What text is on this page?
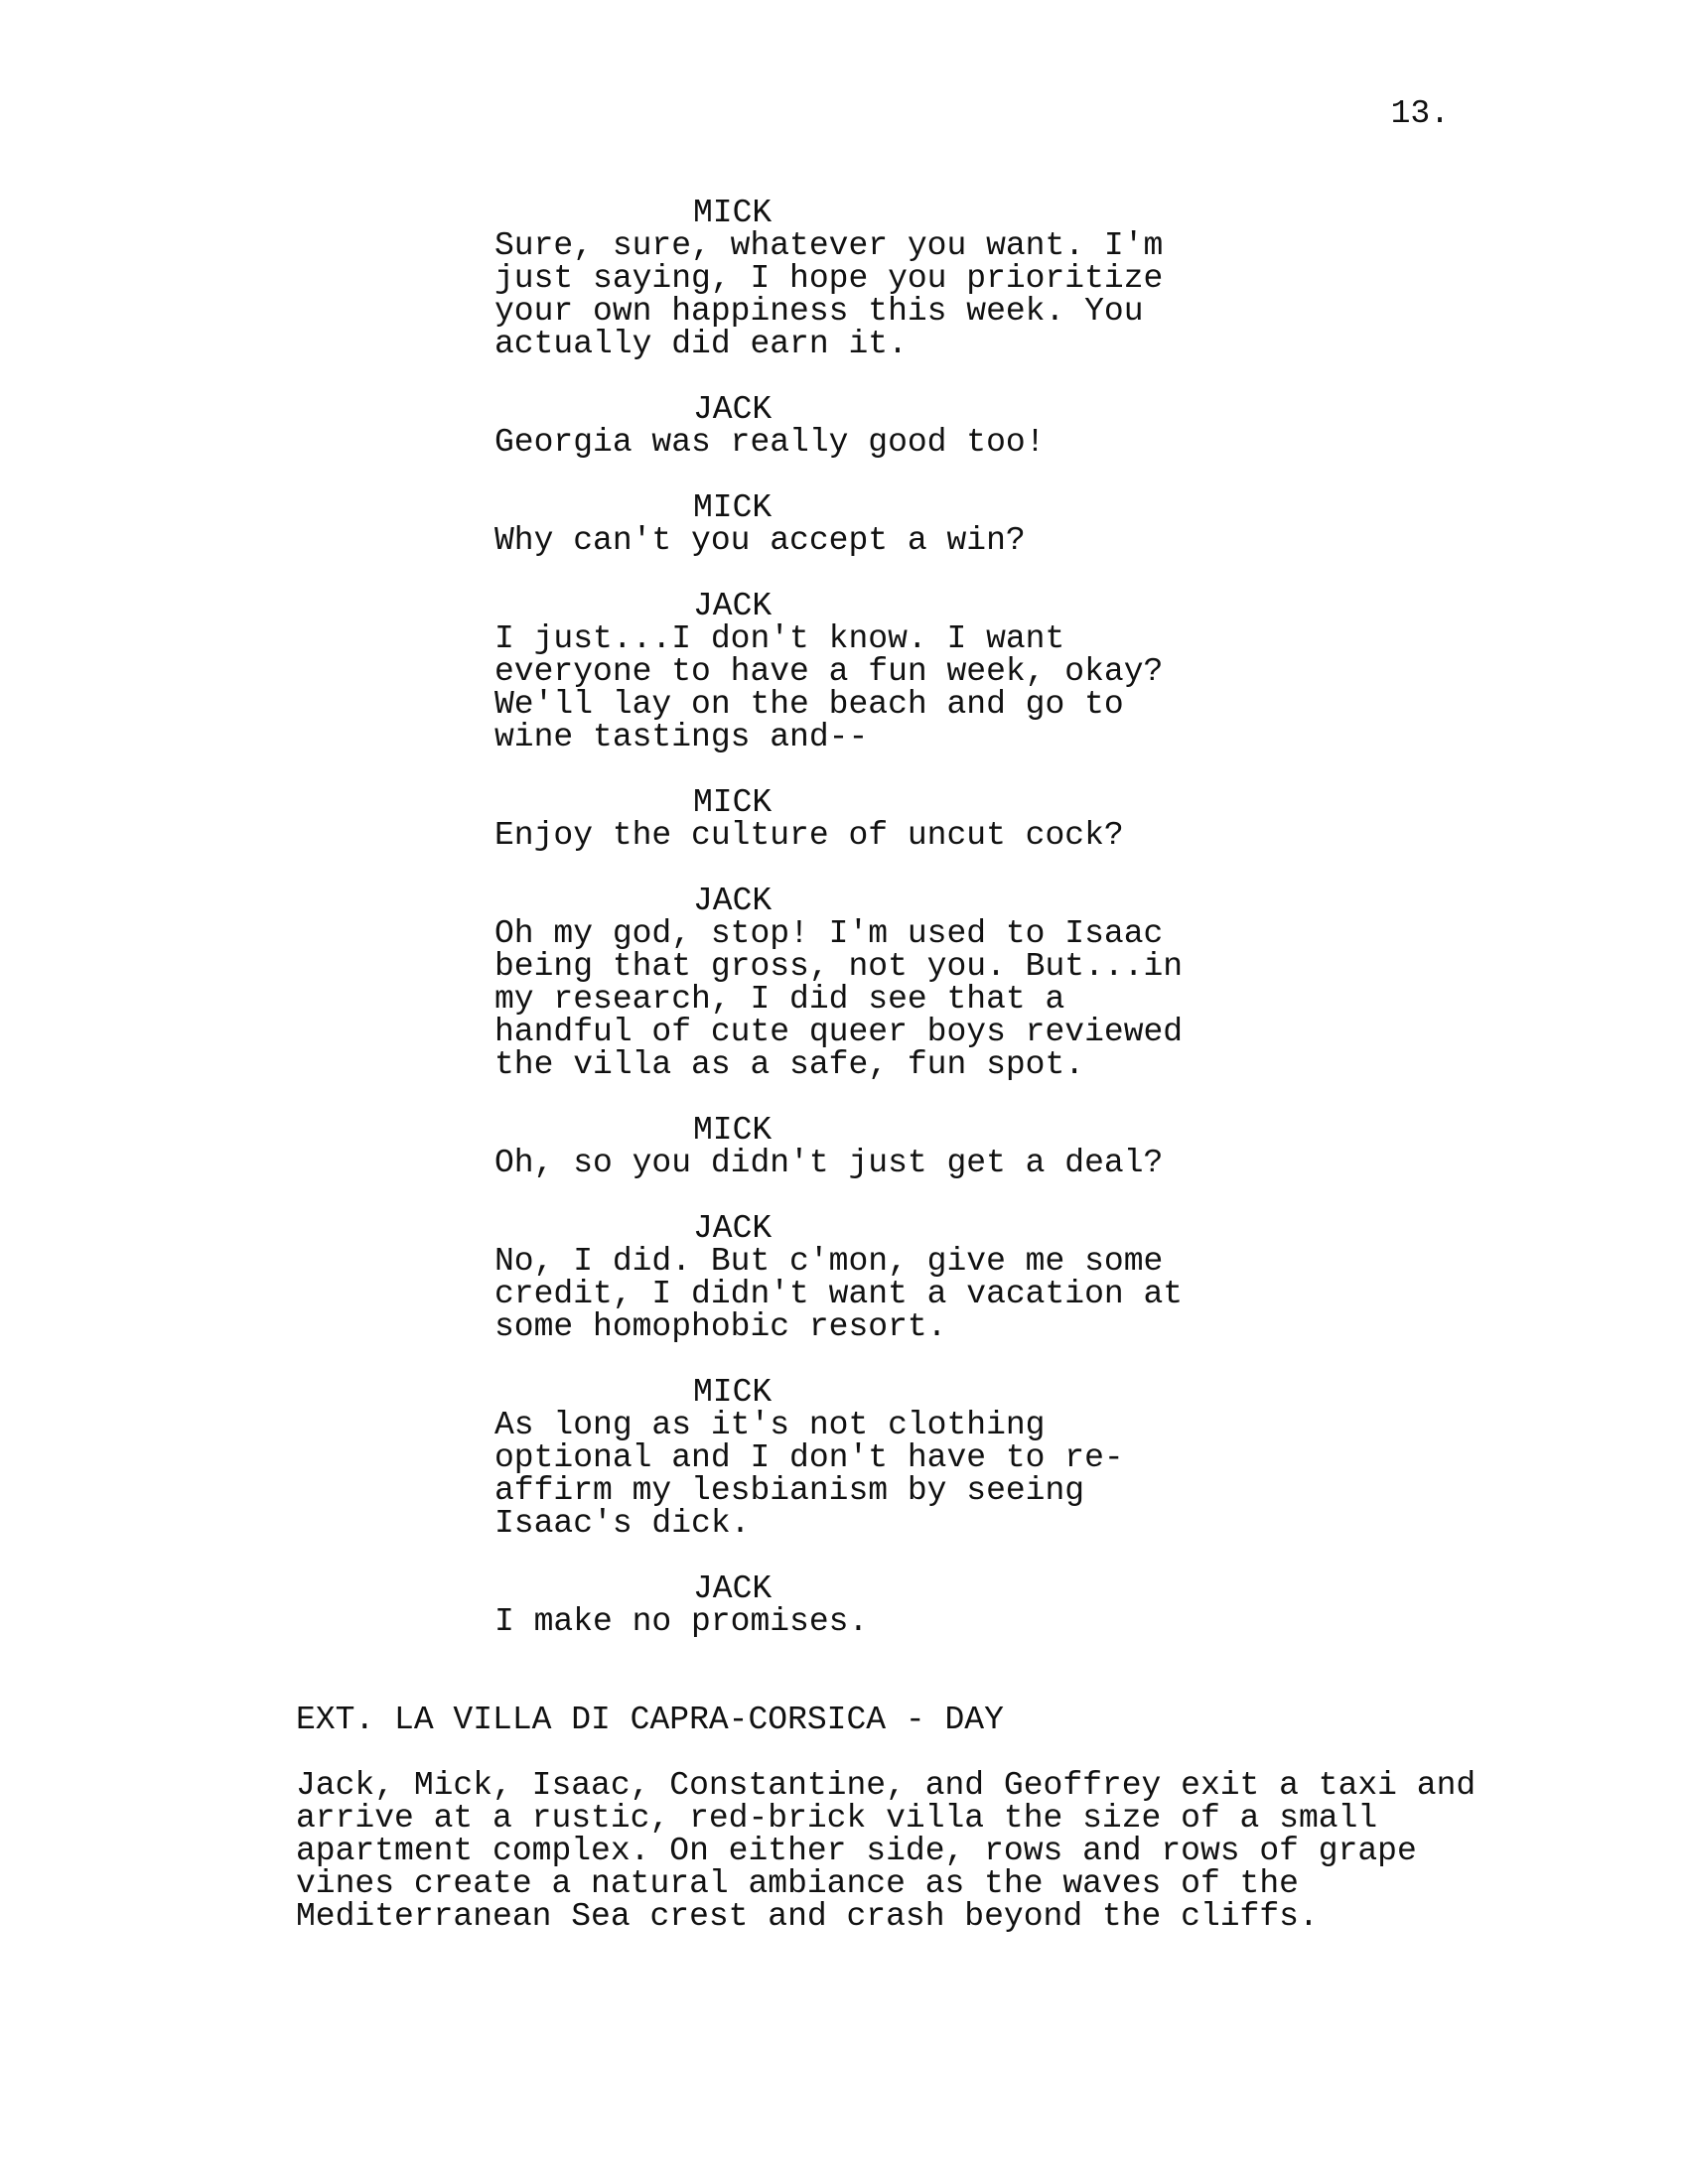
13.
MICK
Sure, sure, whatever you want. I'm
just saying, I hope you prioritize
your own happiness this week. You
actually did earn it.
JACK
Georgia was really good too!
MICK
Why can't you accept a win?
JACK
I just...I don't know. I want
everyone to have a fun week, okay?
We'll lay on the beach and go to
wine tastings and--
MICK
Enjoy the culture of uncut cock?
JACK
Oh my god, stop! I'm used to Isaac
being that gross, not you. But...in
my research, I did see that a
handful of cute queer boys reviewed
the villa as a safe, fun spot.
MICK
Oh, so you didn't just get a deal?
JACK
No, I did. But c'mon, give me some
credit, I didn't want a vacation at
some homophobic resort.
MICK
As long as it's not clothing
optional and I don't have to re-
affirm my lesbianism by seeing
Isaac's dick.
JACK
I make no promises.
EXT. LA VILLA DI CAPRA-CORSICA - DAY
Jack, Mick, Isaac, Constantine, and Geoffrey exit a taxi and
arrive at a rustic, red-brick villa the size of a small
apartment complex. On either side, rows and rows of grape
vines create a natural ambiance as the waves of the
Mediterranean Sea crest and crash beyond the cliffs.
